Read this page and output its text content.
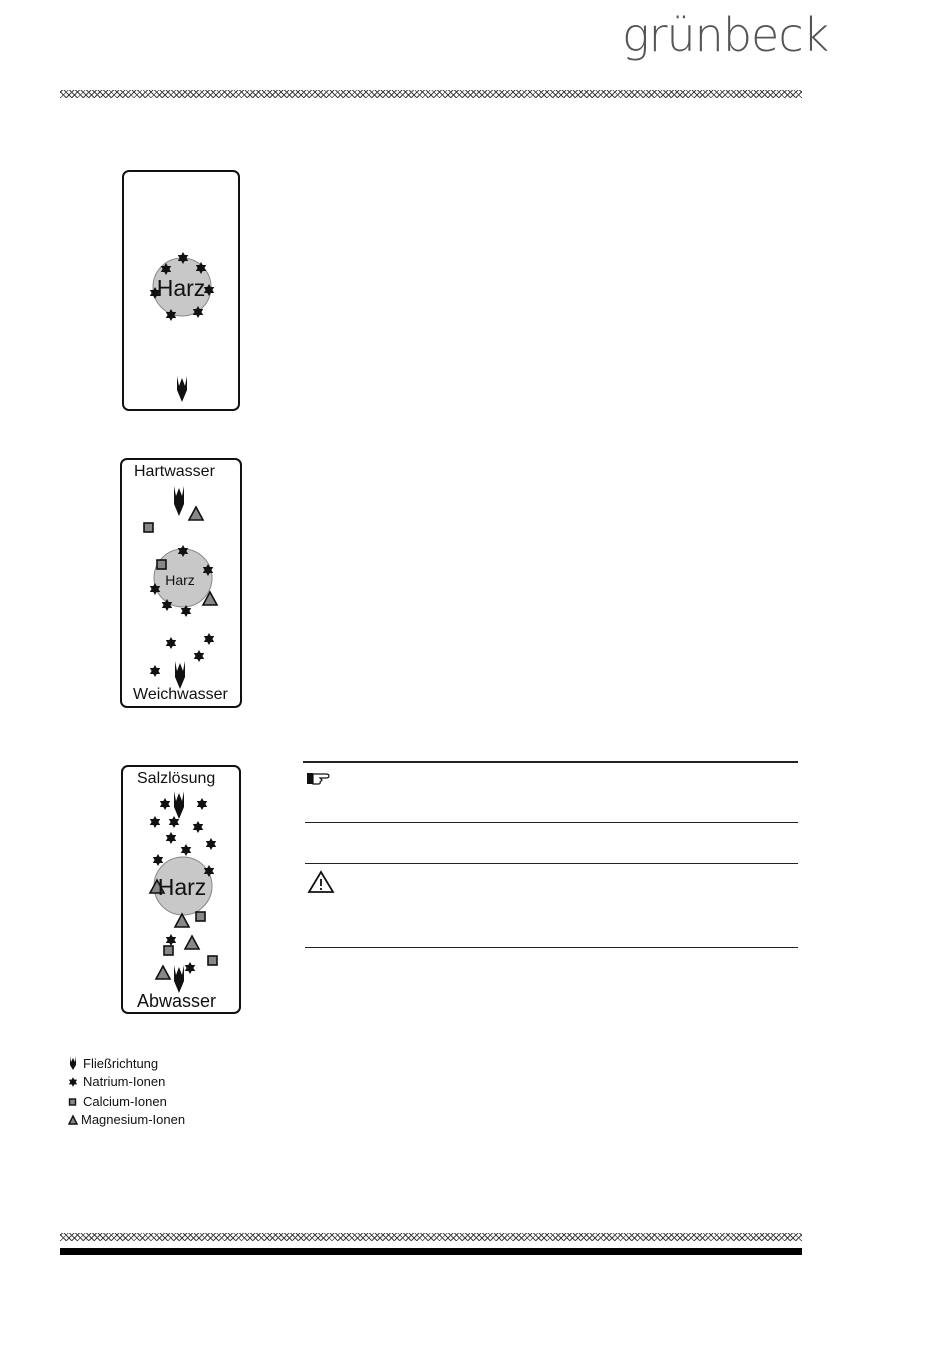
grünbeck
Harz
Hartwasser
Harz
Weichwasser
Salzlösung
Harz
Abwasser
Fließrichtung
Natrium-Ionen
Calcium-Ionen
Magnesium-Ionen
